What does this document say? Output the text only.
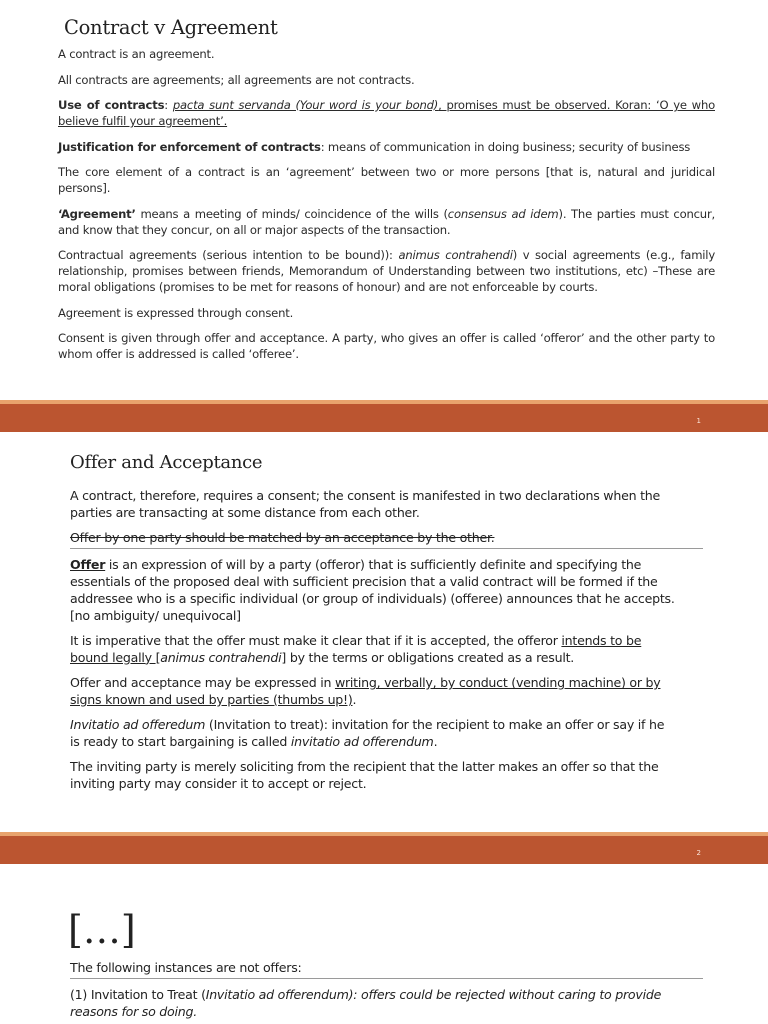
Contract v Agreement

A contract is an agreement.

All contracts are agreements; all agreements are not contracts.

Use of contracts: pacta sunt servanda (Your word is your bond), promises must be observed. Koran: ‘O ye who believe fulfil your agreement’.

Justification for enforcement of contracts: means of communication in doing business; security of business

The core element of a contract is an ‘agreement’ between two or more persons [that is, natural and juridical persons].

‘Agreement’ means a meeting of minds/ coincidence of the wills (consensus ad idem). The parties must concur, and know that they concur, on all or major aspects of the transaction.

Contractual agreements (serious intention to be bound)): animus contrahendi) v social agreements (e.g., family relationship, promises between friends, Memorandum of Understanding between two institutions, etc) –These are moral obligations (promises to be met for reasons of honour) and are not enforceable by courts.

Agreement is expressed through consent.

Consent is given through offer and acceptance. A party, who gives an offer is called ‘offeror’ and the other party to whom offer is addressed is called ‘offeree’.

1
Offer and Acceptance

A contract, therefore, requires a consent; the consent is manifested in two declarations when the parties are transacting at some distance from each other.

Offer by one party should be matched by an acceptance by the other.

Offer is an expression of will by a party (offeror) that is sufficiently definite and specifying the essentials of the proposed deal with sufficient precision that a valid contract will be formed if the addressee who is a specific individual (or group of individuals) (offeree) announces that he accepts. [no ambiguity/ unequivocal]

It is imperative that the offer must make it clear that if it is accepted, the offeror intends to be bound legally [animus contrahendi] by the terms or obligations created as a result.

Offer and acceptance may be expressed in writing, verbally, by conduct (vending machine) or by signs known and used by parties (thumbs up!).

Invitatio ad offeredum (Invitation to treat): invitation for the recipient to make an offer or say if he is ready to start bargaining is called invitatio ad offerendum.

The inviting party is merely soliciting from the recipient that the latter makes an offer so that the inviting party may consider it to accept or reject.

2
[…]

The following instances are not offers:

(1) Invitation to Treat (Invitatio ad offerendum): offers could be rejected without caring to provide reasons for so doing.
